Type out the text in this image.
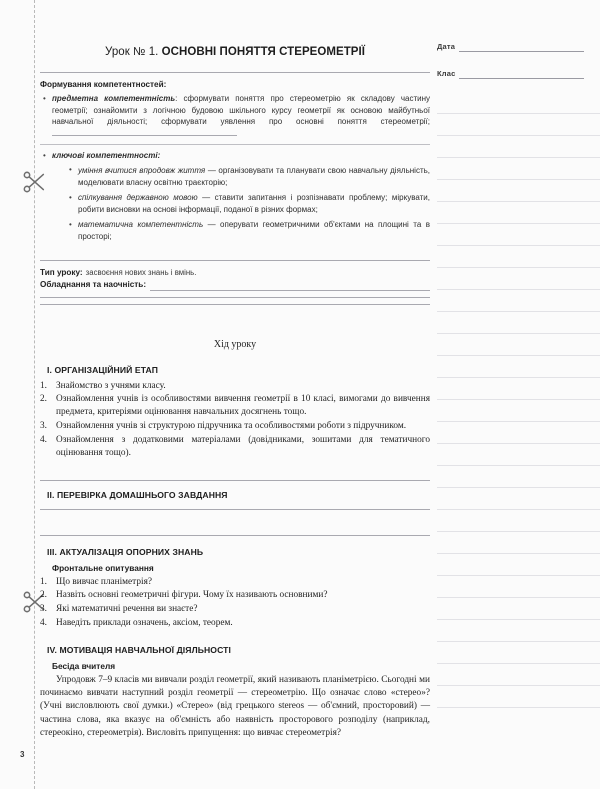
3
Дата
Клас
Урок № 1. ОСНОВНІ ПОНЯТТЯ СТЕРЕОМЕТРІЇ
Формування компетентностей:
• предметна компетентність: сформувати поняття про стереометрію як складову частину геометрії; ознайомити з логічною будовою шкільного курсу геометрії як основою майбутньої навчальної діяльності; сформувати уявлення про основні поняття стереометрії;
• ключові компетентності:
• уміння вчитися впродовж життя — організовувати та планувати свою навчальну діяльність, моделювати власну освітню траєкторію;
• спілкування державною мовою — ставити запитання і розпізнавати проблему; міркувати, робити висновки на основі інформації, поданої в різних формах;
• математична компетентність — оперувати геометричними об'єктами на площині та в просторі;
Тип уроку: засвоєння нових знань і вмінь.
Обладнання та наочність:
Хід уроку
I. ОРГАНІЗАЦІЙНИЙ ЕТАП
Знайомство з учнями класу.
Ознайомлення учнів із особливостями вивчення геометрії в 10 класі, вимогами до вивчення предмета, критеріями оцінювання навчальних досягнень тощо.
Ознайомлення учнів зі структурою підручника та особливостями роботи з підручником.
Ознайомлення з додатковими матеріалами (довідниками, зошитами для тематичного оцінювання тощо).
II. ПЕРЕВІРКА ДОМАШНЬОГО ЗАВДАННЯ
III. АКТУАЛІЗАЦІЯ ОПОРНИХ ЗНАНЬ
Фронтальне опитування
Що вивчає планіметрія?
Назвіть основні геометричні фігури. Чому їх називають основними?
Які математичні речення ви знаєте?
Наведіть приклади означень, аксіом, теорем.
IV. МОТИВАЦІЯ НАВЧАЛЬНОЇ ДІЯЛЬНОСТІ
Бесіда вчителя

Упродовж 7–9 класів ми вивчали розділ геометрії, який називають планіметрією. Сьогодні ми починаємо вивчати наступний розділ геометрії — стереометрію. Що означає слово «стерео»? (Учні висловлюють свої думки.) «Стерео» (від грецького stereos — об'ємний, просторовий) — частина слова, яка вказує на об'ємність або наявність просторового розподілу (наприклад, стереокіно, стереометрія). Висловіть припущення: що вивчає стереометрія?
